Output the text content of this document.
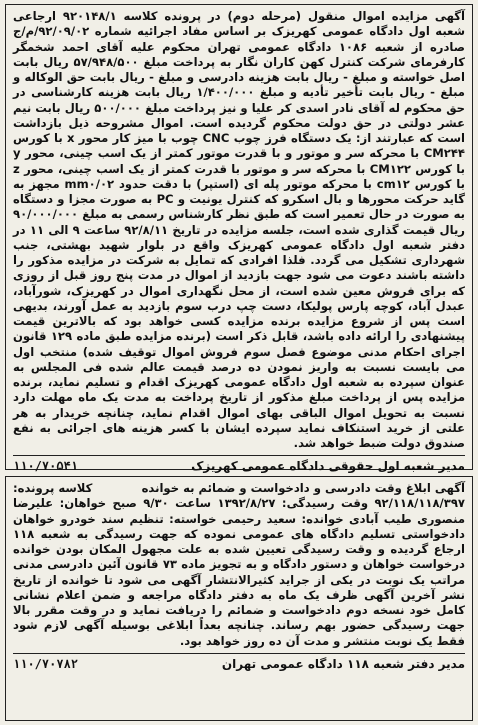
آگهی مزایده اموال منقول (مرحله دوم) در پرونده کلاسه ۹۲۰۱۴۸/۱ ارجاعی شعبه اول دادگاه عمومی کهریزک بر اساس مفاد اجرائیه شماره ۹۲/۰۹/۰۲/م/ج صادره از شعبه ۱۰۸۶ دادگاه عمومی تهران محکوم علیه آقای احمد شخمگر کارفرمای شرکت کنترل کهن کاران نگار به پرداخت مبلغ ۵۷/۹۴۸/۵۰۰ ریال بابت اصل خواسته و مبلغ - ریال بابت هزینه دادرسی و مبلغ - ریال بابت حق الوکاله و مبلغ - ریال بابت تأخیر تأدیه و مبلغ ۱/۴۰۰/۰۰۰ ریال بابت هزینه کارشناسی در حق محکوم له آقای نادر اسدی کر علیا و نیز پرداخت مبلغ ۵۰۰/۰۰۰ ریال بابت نیم عشر دولتی در حق دولت محکوم گردیده است. اموال مشروحه ذیل بازداشت است که عبارتند از: یک دستگاه فرز چوب CNC چوب با میز کار محور x با کورس CM۲۴۴ با محرکه سر و موتور و با قدرت موتور کمتر از یک اسب چینی، محور y با کورس CM۱۲۲ با محرکه سر و موتور با قدرت کمتر از یک اسب چینی، محور z با کورس cm۱۲ با محرکه موتور پله ای (استپر) با دقت حدود mm۰/۰۲ مجهز به گاید حرکت محورها و بال اسکرو که کنترل یونیت و PC به صورت مجزا و دستگاه به صورت در حال تعمیر است که طبق نظر کارشناس رسمی به مبلغ ۹۰/۰۰۰/۰۰۰ ریال قیمت گذاری شده است، جلسه مزایده در تاریخ ۹۲/۸/۱۱ ساعت ۹ الی ۱۱ در دفتر شعبه اول دادگاه عمومی کهریزک واقع در بلوار شهید بهشتی، جنب شهرداری تشکیل می گردد. فلذا افرادی که تمایل به شرکت در مزایده مذکور را داشته باشند دعوت می شود جهت بازدید از اموال در مدت پنج روز قبل از روزی که برای فروش معین شده است، از محل نگهداری اموال در کهریزک، شورآباد، عبدل آباد، کوچه پارس پولیکا، دست چپ درب سوم بازدید به عمل آورند، بدیهی است پس از شروع مزایده برنده مزایده کسی خواهد بود که بالاترین قیمت پیشنهادی را ارائه داده باشد، قابل ذکر است (برنده مزایده طبق ماده ۱۲۹ قانون اجرای احکام مدنی موضوع فصل سوم فروش اموال توقیف شده) منتخب اول می بایست نسبت به واریز نمودن ده درصد قیمت عالم شده فی المجلس به عنوان سپرده به شعبه اول دادگاه عمومی کهریزک اقدام و تسلیم نماید، برنده مزایده پس از پرداخت مبلغ مذکور از تاریخ پرداخت به مدت یک ماه مهلت دارد نسبت به تحویل اموال الباقی بهای اموال اقدام نماید، چنانچه خریدار به هر علتی از خرید استنکاف نماید سپرده ایشان با کسر هزینه های اجرائی به نفع صندوق دولت ضبط خواهد شد.

مدیر شعبه اول حقوقی دادگاه عمومی کهریزک
۱۱۰/۷۰۵۴۱
آگهی ابلاغ وقت دادرسی و دادخواست و ضمائم به خوانده
کلاسه پرونده:

۹۲/۱۱۸/۱۱۸/۳۹۷ وقت رسیدگی: ۱۳۹۲/۸/۲۷ ساعت ۹/۳۰ صبح خواهان: علیرضا منصوری طیب آبادی خوانده: سعید رحیمی خواسته: تنظیم سند خودرو خواهان دادخواستی تسلیم دادگاه های عمومی نموده که جهت رسیدگی به شعبه ۱۱۸ ارجاع گردیده و وقت رسیدگی تعیین شده به علت مجهول المکان بودن خوانده درخواست خواهان و دستور دادگاه و به تجویز ماده ۷۳ قانون آئین دادرسی مدنی مراتب یک نوبت در یکی از جراید کثیرالانتشار آگهی می شود تا خوانده از تاریخ نشر آخرین آگهی ظرف یک ماه به دفتر دادگاه مراجعه و ضمن اعلام نشانی کامل خود نسخه دوم دادخواست و ضمائم را دریافت نماید و در وقت مقرر بالا جهت رسیدگی حضور بهم رساند. چنانچه بعداً ابلاغی بوسیله آگهی لازم شود فقط یک نوبت منتشر و مدت آن ده روز خواهد بود.

مدیر دفتر شعبه ۱۱۸ دادگاه عمومی تهران
۱۱۰/۷۰۷۸۲
